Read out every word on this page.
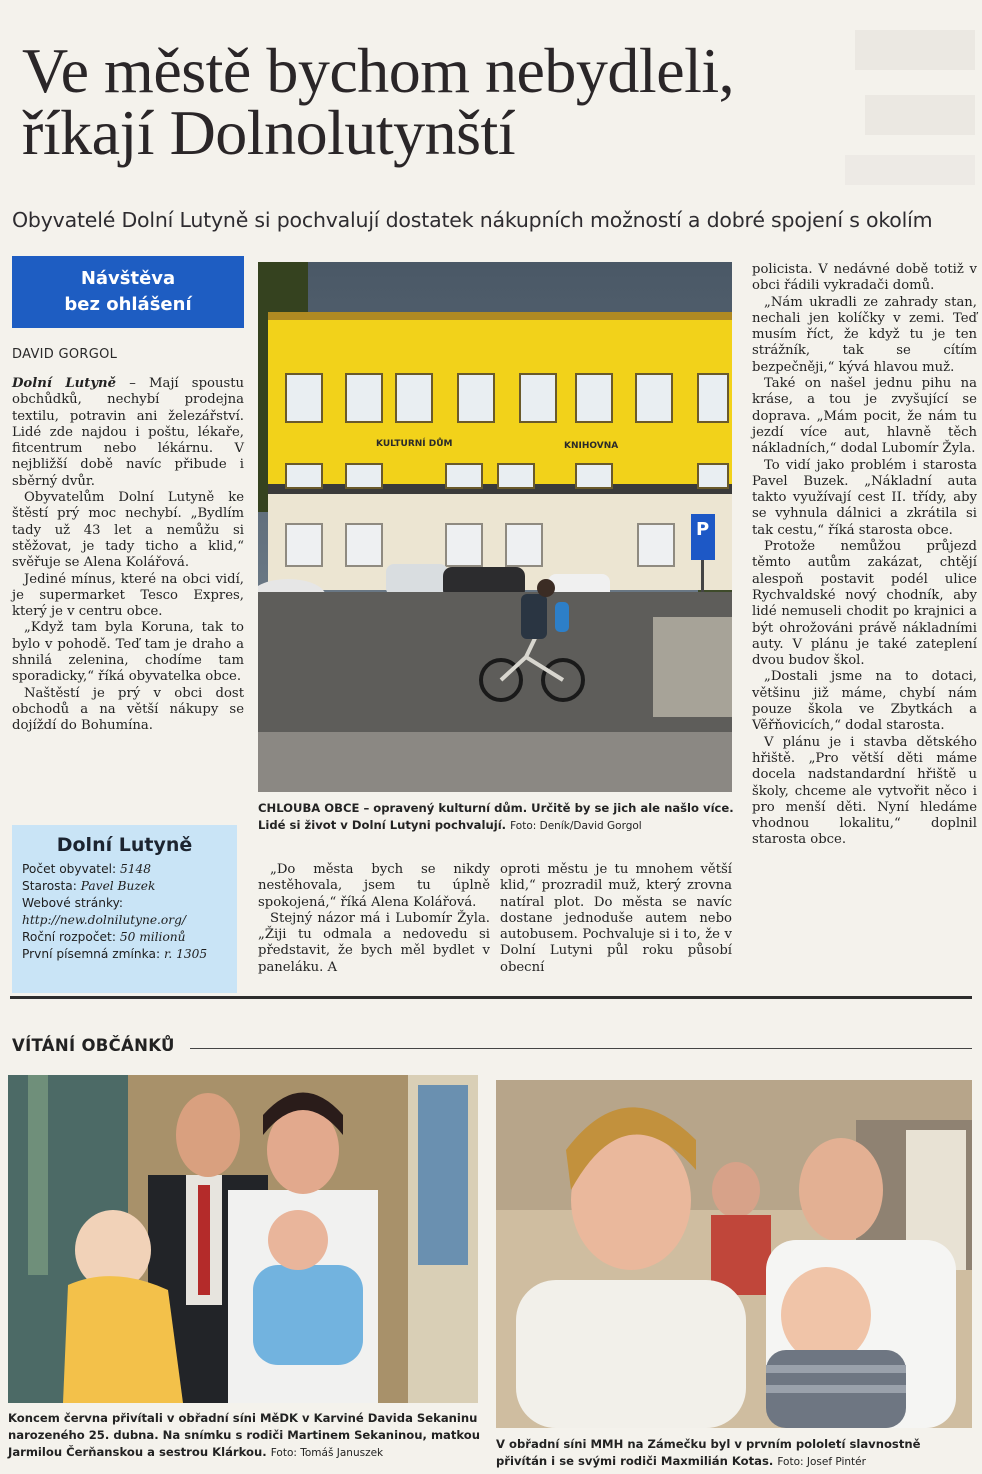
Ve městě bychom nebydleli,
říkají Dolnolutynští
Obyvatelé Dolní Lutyně si pochvalují dostatek nákupních možností a dobré spojení s okolím
Návštěva
bez ohlášení
DAVID GORGOL

Dolní Lutyně – Mají spoustu obchůdků, nechybí prodejna textilu, potravin ani železářství. Lidé zde najdou i poštu, lékaře, fitcentrum nebo lékárnu. V nejbližší době navíc přibude i sběrný dvůr.

Obyvatelům Dolní Lutyně ke štěstí prý moc nechybí. „Bydlím tady už 43 let a nemůžu si stěžovat, je tady ticho a klid,“ svěřuje se Alena Kolářová.

Jediné mínus, které na obci vidí, je supermarket Tesco Expres, který je v centru obce.

„Když tam byla Koruna, tak to bylo v pohodě. Teď tam je draho a shnilá zelenina, chodíme tam sporadicky,“ říká obyvatelka obce.

Naštěstí je prý v obci dost obchodů a na větší nákupy se dojíždí do Bohumína.

KULTURNÍ DŮM	KNIHOVNA
P
CHLOUBA OBCE – opravený kulturní dům. Určitě by se jich ale našlo více. Lidé si život v Dolní Lutyni pochvalují. Foto: Deník/David Gorgol

policista. V nedávné době totiž v obci řádili vykradači domů.

„Nám ukradli ze zahrady stan, nechali jen kolíčky v zemi. Teď musím říct, že když tu je ten strážník, tak se cítím bezpečněji,“ kývá hlavou muž.

Také on našel jednu pihu na kráse, a tou je zvyšující se doprava. „Mám pocit, že nám tu jezdí více aut, hlavně těch nákladních,“ dodal Lubomír Žyla.

To vidí jako problém i starosta Pavel Buzek. „Nákladní auta takto využívají cest II. třídy, aby se vyhnula dálnici a zkrátila si tak cestu,“ říká starosta obce.

Protože nemůžou průjezd těmto autům zakázat, chtějí alespoň postavit podél ulice Rychvaldské nový chodník, aby lidé nemuseli chodit po krajnici a být ohrožováni právě nákladními auty. V plánu je také zateplení dvou budov škol.

„Dostali jsme na to dotaci, většinu již máme, chybí nám pouze škola ve Zbytkách a Věřňovicích,“ dodal starosta.

V plánu je i stavba dětského hřiště. „Pro větší děti máme docela nadstandardní hřiště u školy, chceme ale vytvořit něco i pro menší děti. Nyní hledáme vhodnou lokalitu,“ doplnil starosta obce.

„Do města bych se nikdy nestěhovala, jsem tu úplně spokojená,“ říká Alena Kolářová.

Stejný názor má i Lubomír Žyla. „Žiji tu odmala a nedovedu si představit, že bych měl bydlet v paneláku. A

oproti městu je tu mnohem větší klid,“ prozradil muž, který zrovna natíral plot. Do města se navíc dostane jednoduše autem nebo autobusem. Pochvaluje si i to, že v Dolní Lutyni půl roku působí obecní

Dolní Lutyně
Počet obyvatel: 5148
Starosta: Pavel Buzek
Webové stránky:
http://new.dolnilutyne.org/
Roční rozpočet: 50 milionů
První písemná zmínka: r. 1305
VÍTÁNÍ OBČÁNKŮ
Koncem června přivítali v obřadní síni MěDK v Karviné Davida Sekaninu narozeného 25. dubna. Na snímku s rodiči Martinem Sekaninou, matkou Jarmilou Čerňanskou a sestrou Klárkou. Foto: Tomáš Januszek
V obřadní síni MMH na Zámečku byl v prvním pololetí slavnostně přivítán i se svými rodiči Maxmilián Kotas. Foto: Josef Pintér
